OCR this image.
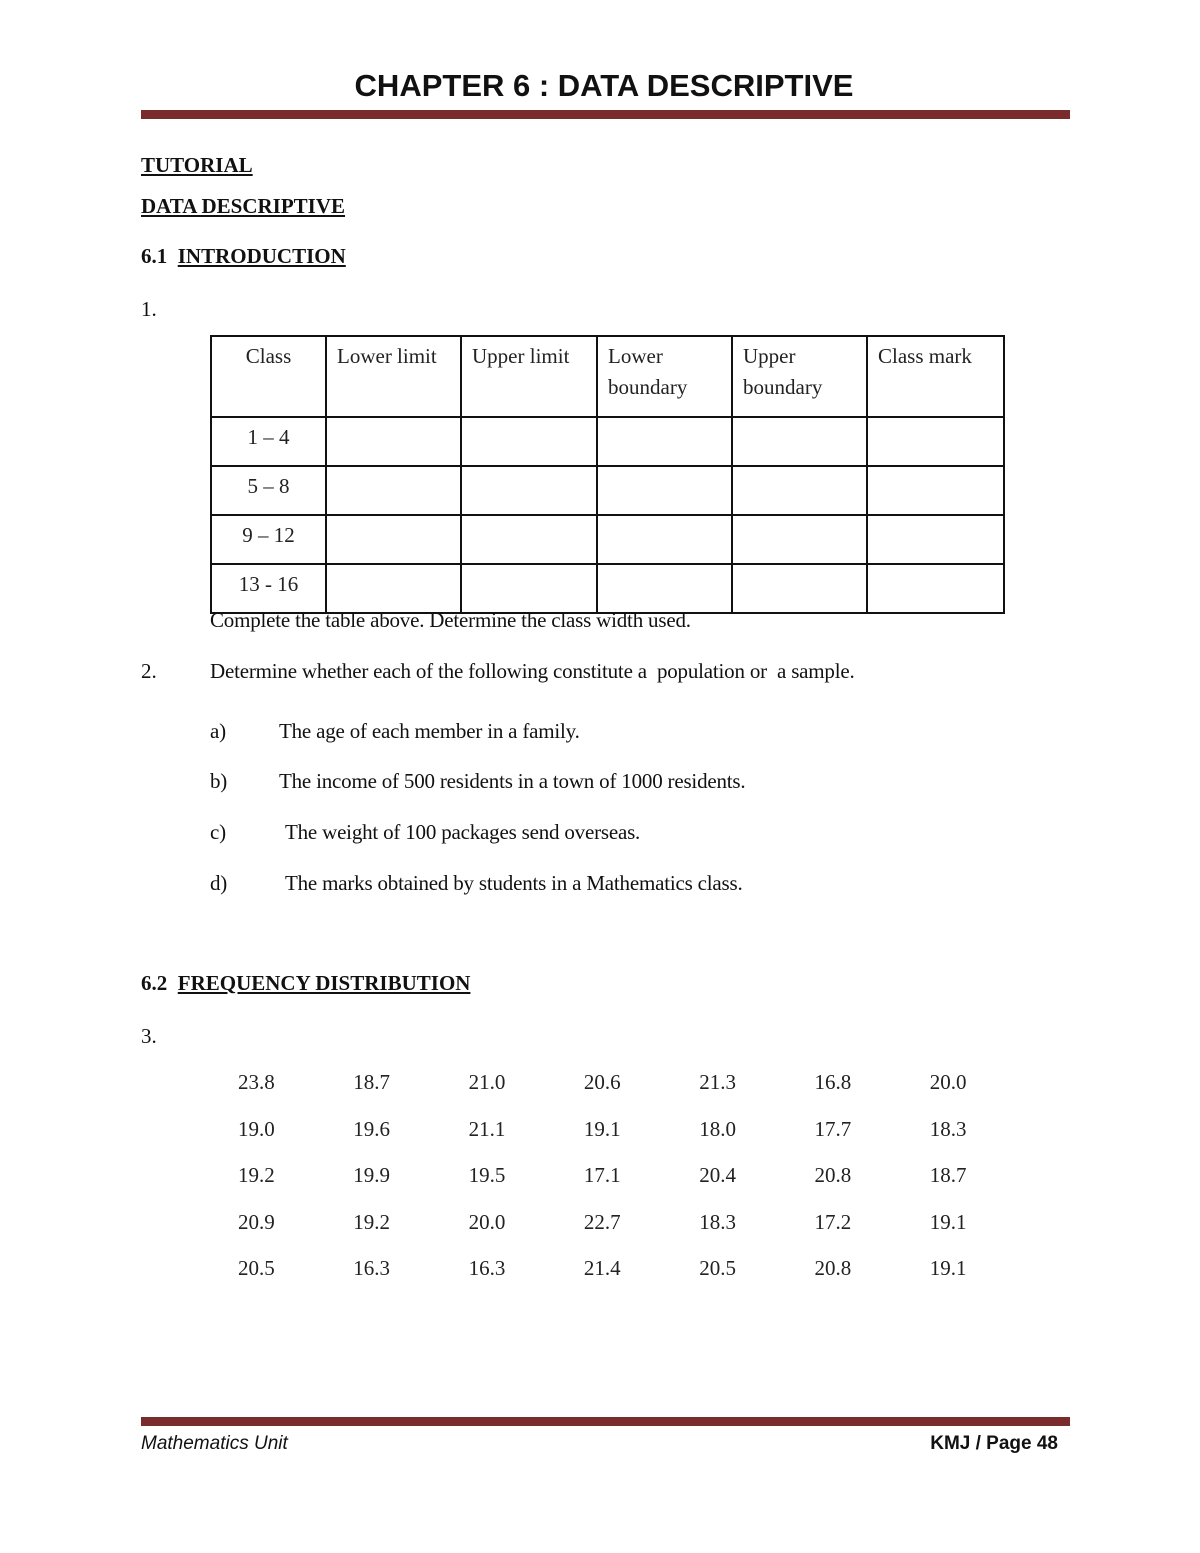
CHAPTER 6 : DATA DESCRIPTIVE
TUTORIAL
DATA DESCRIPTIVE
6.1 INTRODUCTION
1.
Class	Lower limit	Upper limit	Lower boundary	Upper boundary	Class mark
1 – 4					
5 – 8					
9 – 12					
13 - 16					
Complete the table above. Determine the class width used.
2.	Determine whether each of the following constitute a  population or  a sample.
a)	The age of each member in a family.
b) The income of 500 residents in a town of 1000 residents.
c)	The weight of 100 packages send overseas.
d)	The marks obtained by students in a Mathematics class.
6.2 FREQUENCY DISTRIBUTION
3.
23.8	18.7	21.0	20.6	21.3	16.8	20.0
19.0	19.6	21.1	19.1	18.0	17.7	18.3
19.2	19.9	19.5	17.1	20.4	20.8	18.7
20.9	19.2	20.0	22.7	18.3	17.2	19.1
20.5	16.3	16.3	21.4	20.5	20.8	19.1
Mathematics Unit	KMJ / Page 48
